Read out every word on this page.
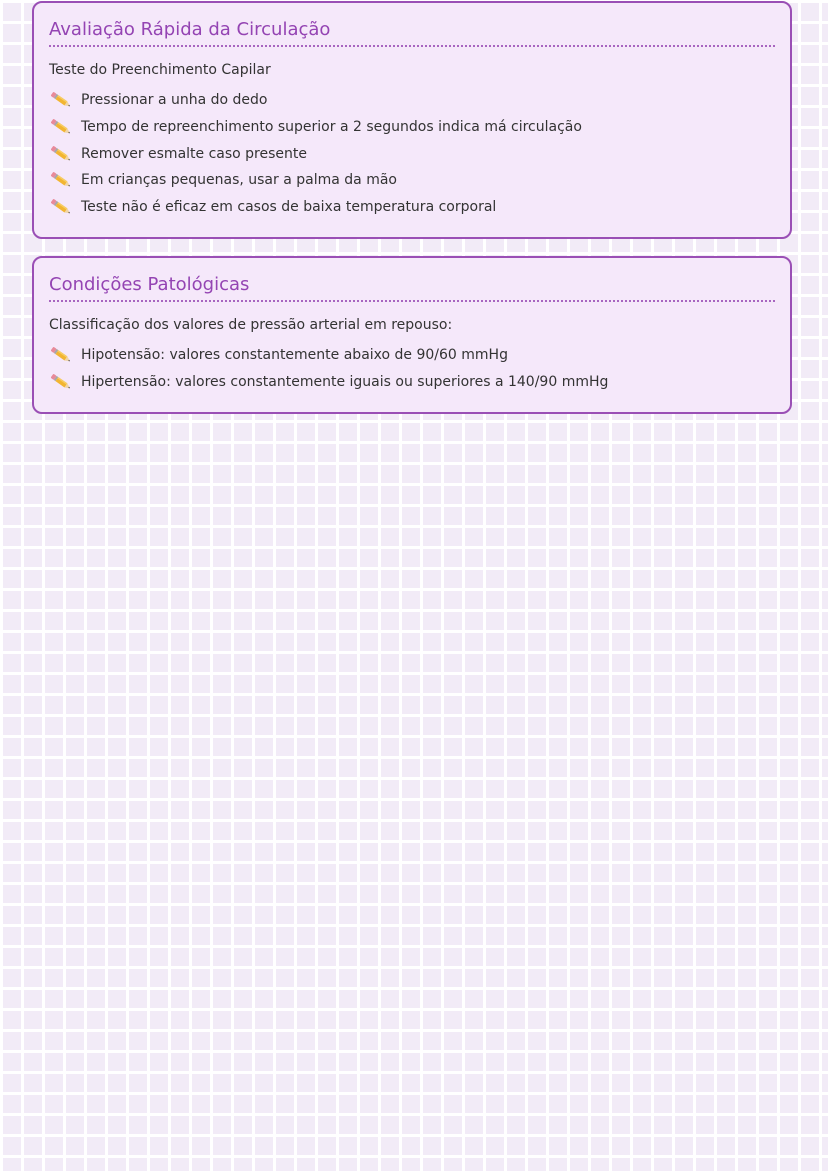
Avaliação Rápida da Circulação
Teste do Preenchimento Capilar
Pressionar a unha do dedo
Tempo de repreenchimento superior a 2 segundos indica má circulação
Remover esmalte caso presente
Em crianças pequenas, usar a palma da mão
Teste não é eficaz em casos de baixa temperatura corporal
Condições Patológicas
Classificação dos valores de pressão arterial em repouso:
Hipotensão: valores constantemente abaixo de 90/60 mmHg
Hipertensão: valores constantemente iguais ou superiores a 140/90 mmHg
